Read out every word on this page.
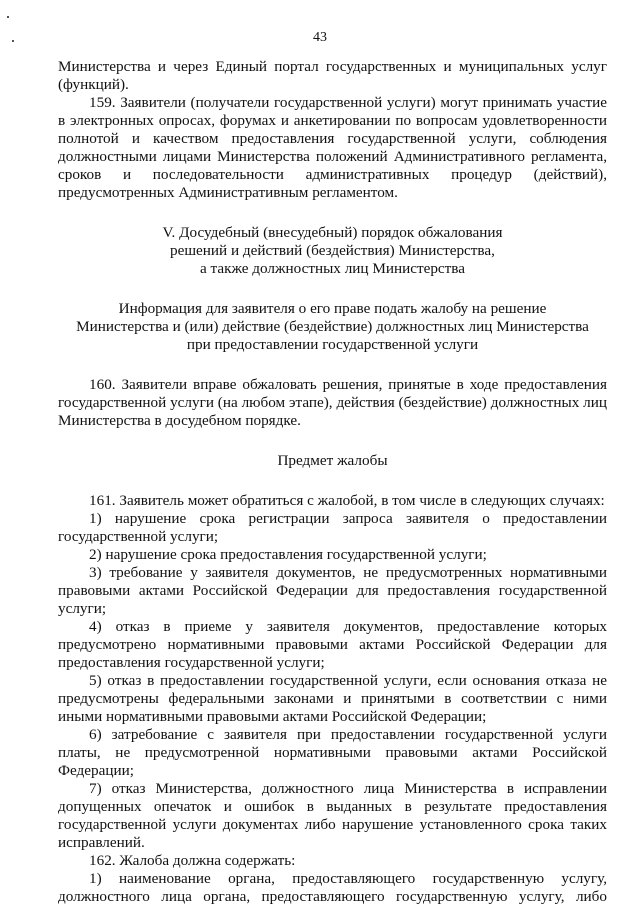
43

Министерства и через Единый портал государственных и муниципальных услуг (функций).

159. Заявители (получатели государственной услуги) могут принимать участие в электронных опросах, форумах и анкетировании по вопросам удовлетворенности полнотой и качеством предоставления государственной услуги, соблюдения должностными лицами Министерства положений Административного регламента, сроков и последовательности административных процедур (действий), предусмотренных Административным регламентом.

V. Досудебный (внесудебный) порядок обжалования

решений и действий (бездействия) Министерства,

а также должностных лиц Министерства

Информация для заявителя о его праве подать жалобу на решение

Министерства и (или) действие (бездействие) должностных лиц Министерства

при предоставлении государственной услуги

160. Заявители вправе обжаловать решения, принятые в ходе предоставления государственной услуги (на любом этапе), действия (бездействие) должностных лиц Министерства в досудебном порядке.

Предмет жалобы

161. Заявитель может обратиться с жалобой, в том числе в следующих случаях:

1) нарушение срока регистрации запроса заявителя о предоставлении государственной услуги;

2) нарушение срока предоставления государственной услуги;

3) требование у заявителя документов, не предусмотренных нормативными правовыми актами Российской Федерации для предоставления государственной услуги;

4) отказ в приеме у заявителя документов, предоставление которых предусмотрено нормативными правовыми актами Российской Федерации для предоставления государственной услуги;

5) отказ в предоставлении государственной услуги, если основания отказа не предусмотрены федеральными законами и принятыми в соответствии с ними иными нормативными правовыми актами Российской Федерации;

6) затребование с заявителя при предоставлении государственной услуги платы, не предусмотренной нормативными правовыми актами Российской Федерации;

7) отказ Министерства, должностного лица Министерства в исправлении допущенных опечаток и ошибок в выданных в результате предоставления государственной услуги документах либо нарушение установленного срока таких исправлений.

162. Жалоба должна содержать:

1) наименование органа, предоставляющего государственную услугу, должностного лица органа, предоставляющего государственную услугу, либо
